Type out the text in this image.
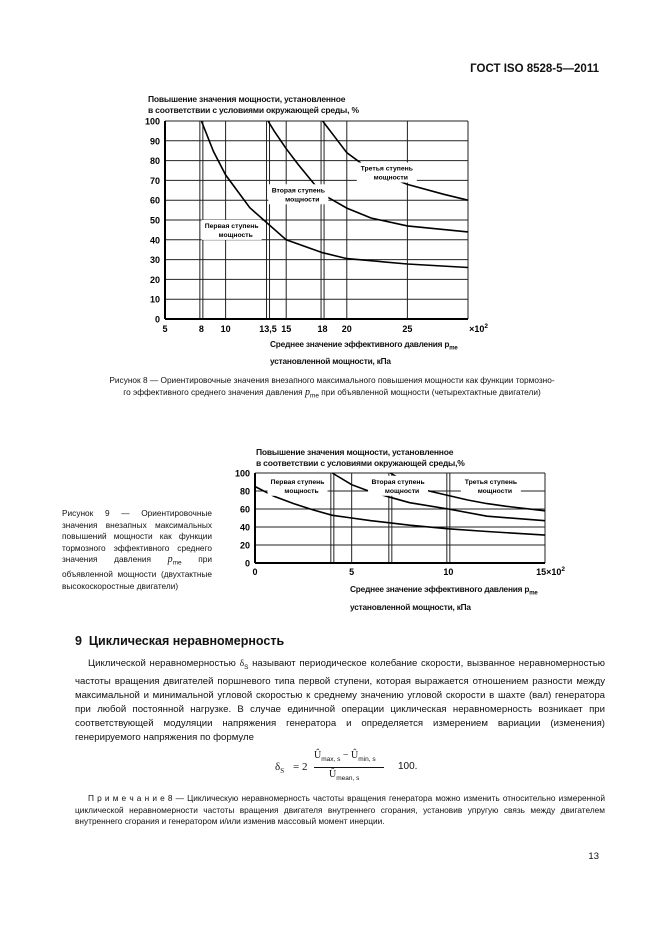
ГОСТ ISO 8528-5—2011
Повышение значения мощности, установленное
в соответствии с условиями окружающей среды, %
0
10
20
30
40
50
60
70
80
90
100
5	8 10	13,5 15	18 20	25	$\times 10^2$
Первая ступень
мощность
Вторая ступень
мощности
Третья ступень
мощности
Среднее значение эффективного давления $p_{me}$
установленной мощности, кПа
Рисунок 8 — Ориентировочные значения внезапного максимального повышения мощности как функции тормозно-
го эффективного среднего значения давления $p_{me}$ при объявленной мощности (четырехтактные двигатели)
Повышение значения мощности, установленное
в соответствии с условиями окружающей среды,%
0
20
40
60
80
100
0	5	10	$15\times 10^2$
Первая ступень
мощность
Вторая ступень
мощности
Третья ступень
мощности
Среднее значение эффективного давления $p_{me}$
установленной мощности, кПа
Рисунок 9 — Ориентировочные значения внезапных максимальных повышений мощности как функции тормозного эффективного среднего значения давления $p_{me}$ при объявленной мощности (двухтактные высокоскоростные двигатели)
9 Циклическая неравномерность
Циклической неравномерностью $\delta_S$ называют периодическое колебание скорости, вызванное неравномерностью частоты вращения двигателей поршневого типа первой ступени, которая выражается отношением разности между максимальной и минимальной угловой скоростью к среднему значению угловой скорости в шахте (вал) генератора при любой постоянной нагрузке. В случае единичной операции циклическая неравномерность возникает при соответствующей модуляции напряжения генератора и определяется измерением вариации (изменения) генерируемого напряжения по формуле
$\delta_S = 2$
$Û_{max, s}$ − $Û_{min, s}$
$Û_{mean, s}$
100.
П р и м е ч а н и е 8 — Циклическую неравномерность частоты вращения генератора можно изменить относительно измеренной циклической неравномерности частоты вращения двигателя внутреннего сгорания, установив упругую связь между двигателем внутреннего сгорания и генератором и/или изменив массовый момент инерции.
13
